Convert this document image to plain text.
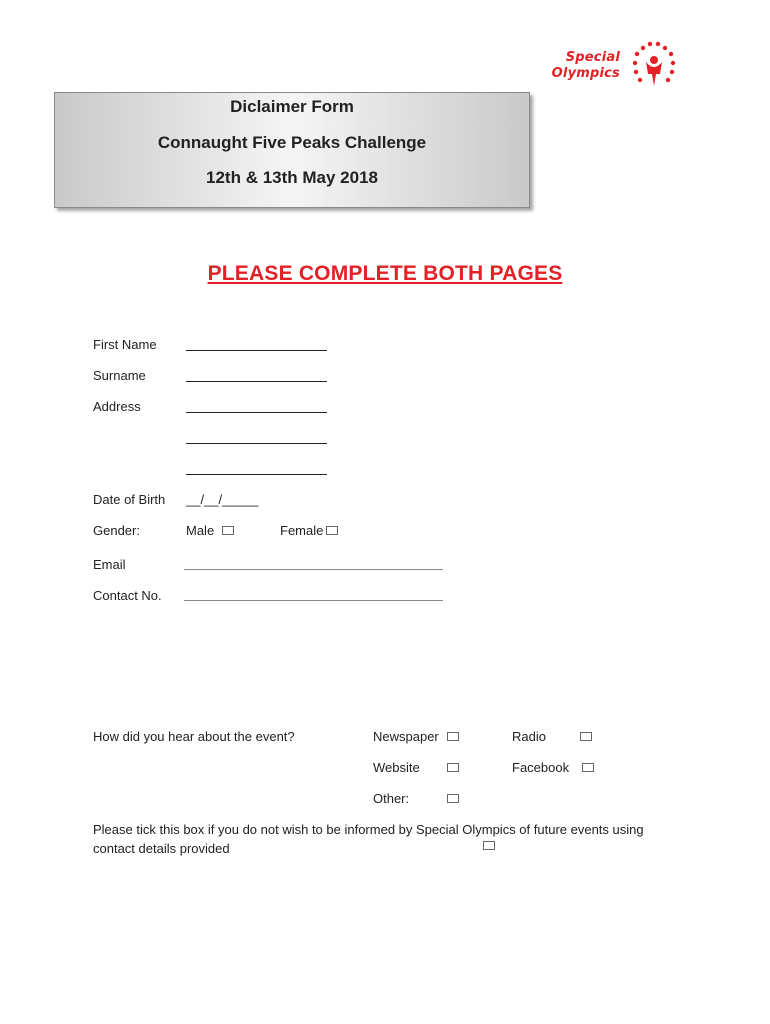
Special
Olympics
Diclaimer Form
Connaught Five Peaks Challenge
12th & 13th May 2018
PLEASE COMPLETE BOTH PAGES
First Name
Surname
Address
Date of Birth __/__/_____
Gender:	Male	Female
Email
Contact No.
How did you hear about the event?	Newspaper	Radio
Website	Facebook
Other:
Please tick this box if you do not wish to be informed by Special Olympics of future events using
contact details provided
